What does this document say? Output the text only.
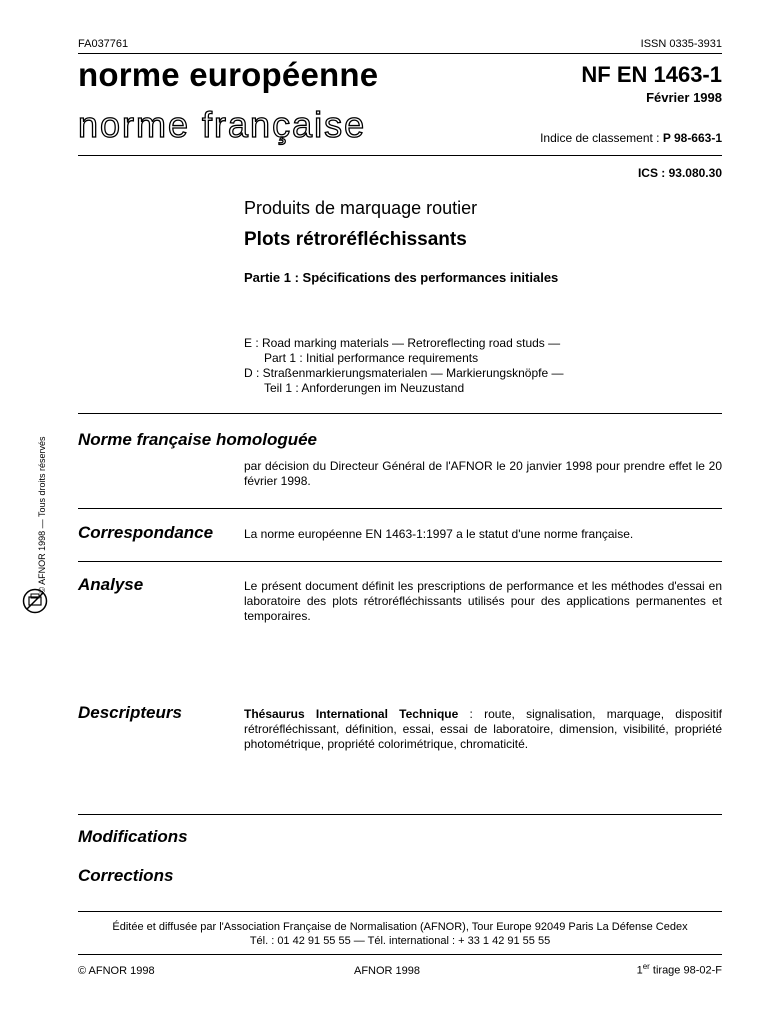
FA037761	ISSN 0335-3931
norme européenne
norme française
NF EN 1463-1
Février 1998
Indice de classement : P 98-663-1
ICS : 93.080.30
Produits de marquage routier
Plots rétroréfléchissants
Partie 1 : Spécifications des performances initiales
E : Road marking materials — Retroreflecting road studs —
Part 1 : Initial performance requirements
D : Straßenmarkierungsmaterialen — Markierungsknöpfe —
Teil 1 : Anforderungen im Neuzustand
Norme française homologuée
par décision du Directeur Général de l'AFNOR le 20 janvier 1998 pour prendre effet le 20 février 1998.
Correspondance	La norme européenne EN 1463-1:1997 a le statut d'une norme française.
Analyse	Le présent document définit les prescriptions de performance et les méthodes d'essai en laboratoire des plots rétroréfléchissants utilisés pour des applications permanentes et temporaires.
Descripteurs	Thésaurus International Technique : route, signalisation, marquage, dispositif rétroréfléchissant, définition, essai, essai de laboratoire, dimension, visibilité, propriété photométrique, propriété colorimétrique, chromaticité.
Modifications
Corrections
Éditée et diffusée par l'Association Française de Normalisation (AFNOR), Tour Europe 92049 Paris La Défense Cedex
Tél. : 01 42 91 55 55 — Tél. international : + 33 1 42 91 55 55
© AFNOR 1998	AFNOR 1998	1er tirage 98-02-F
© AFNOR 1998 — Tous droits réservés
